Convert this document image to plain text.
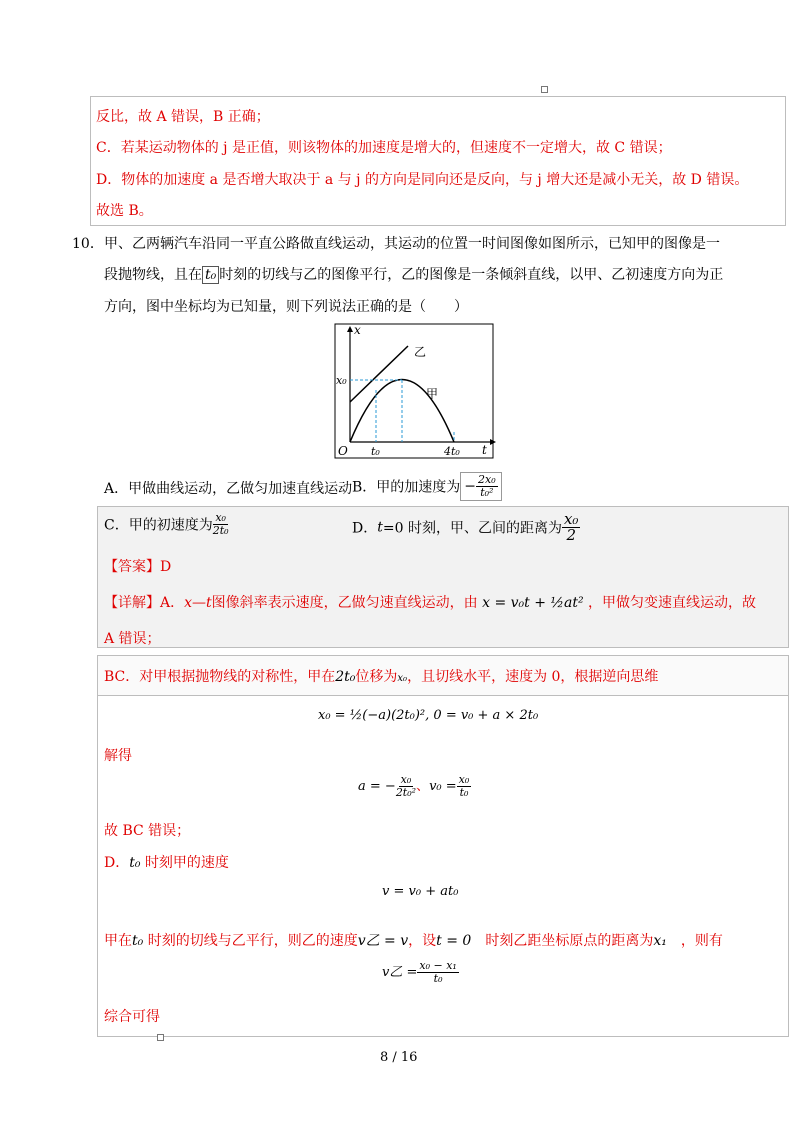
反比，故 A 错误，B 正确；
C．若某运动物体的 j 是正值，则该物体的加速度是增大的，但速度不一定增大，故 C 错误；
D．物体的加速度 a 是否增大取决于 a 与 j 的方向是同向还是反向，与 j 增大还是减小无关，故 D 错误。
故选 B。
10． 甲、乙两辆汽车沿同一平直公路做直线运动，其运动的位置一时间图像如图所示，已知甲的图像是一
段抛物线，且在 t₀ 时刻的切线与乙的图像平行，乙的图像是一条倾斜直线，以甲、乙初速度方向为正
方向，图中坐标均为已知量，则下列说法正确的是（　　）
x
t
O
x₀
t₀	4t₀
甲
乙
A．甲做曲线运动，乙做匀加速直线运动 B．甲的加速度为 − $\frac{\text{2x₀}}{\text{t₀²}}$
C．甲的初速度为 $\frac{\text{x₀}}{\text{2t₀}}$	D．t=0 时刻，甲、乙间的距离为 $\frac{\text{x₀}}{2}$
【答案】D
【详解】A．x—t图像斜率表示速度，乙做匀速直线运动，由 x = v₀t + ½at² ，甲做匀变速直线运动，故
A 错误；
BC．对甲根据抛物线的对称性，甲在2t₀位移为x₀，且切线水平，速度为 0，根据逆向思维
x₀ = ½(−a)(2t₀)², 0 = v₀ + a × 2t₀
解得
a = − $\frac{\text{x₀}}{\text{2t₀²}}$ 、$v_0 = \frac{\text{x₀}}{\text{t₀}}$
故 BC 错误；
D．t₀ 时刻甲的速度
v = v₀ + at₀
甲在t₀ 时刻的切线与乙平行，则乙的速度v乙 = v，设t = 0　 时刻乙距坐标原点的距离为x₁　 ，则有
v乙 = $\frac{\text{x₀ − x₁}}{\text{t₀}}$
综合可得
8 / 16
